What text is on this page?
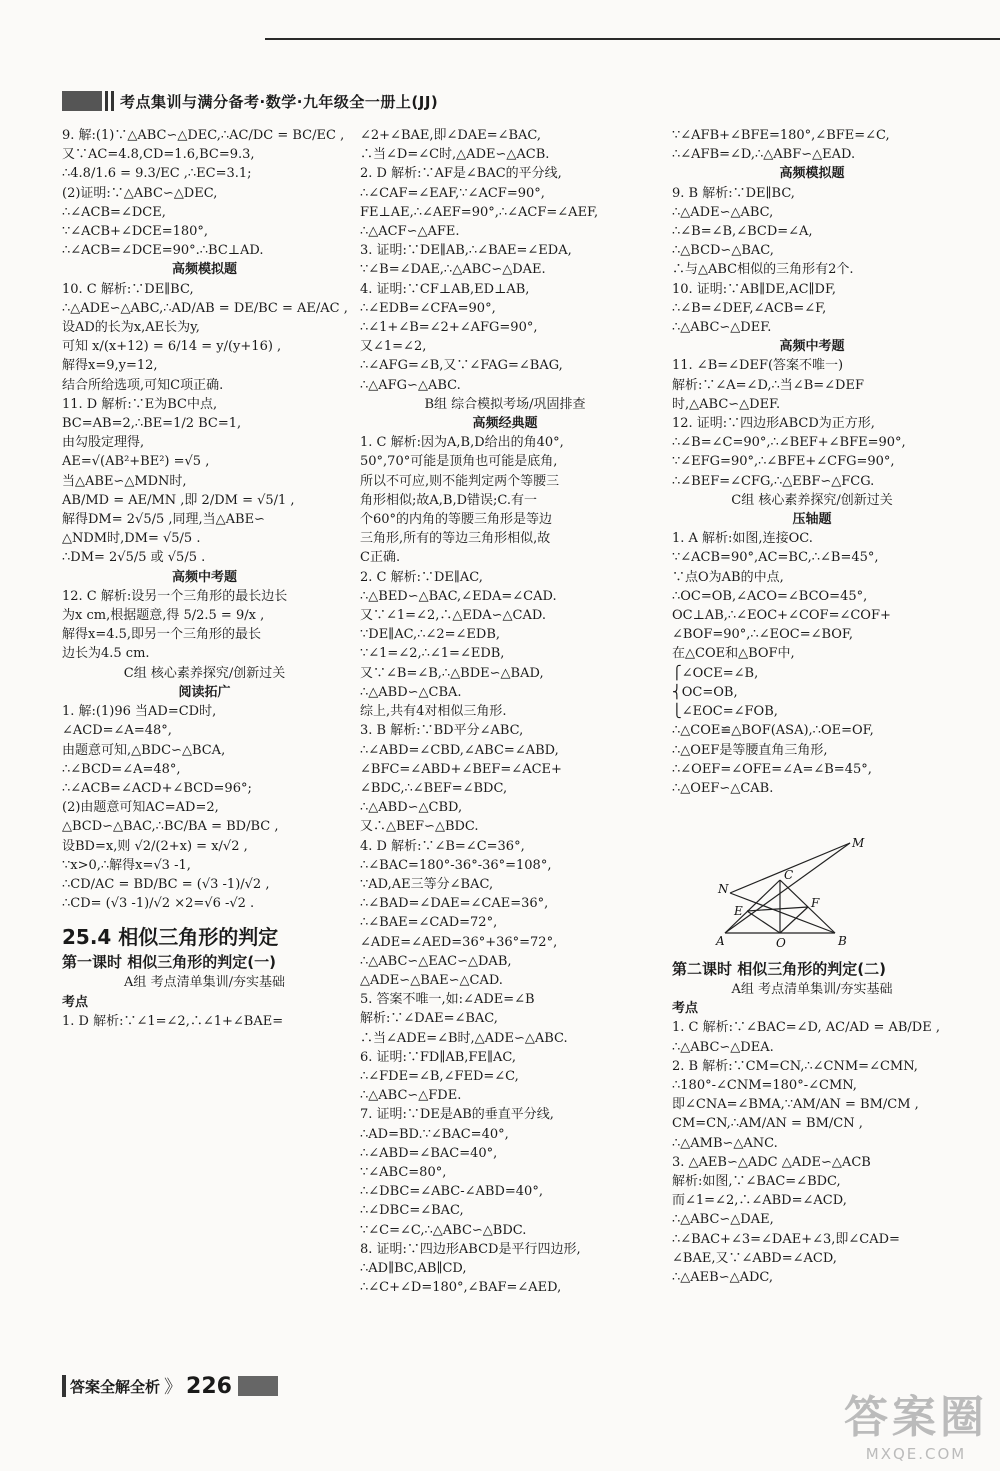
考点集训与满分备考·数学·九年级全一册上(JJ)

9. 解:(1)∵△ABC∽△DEC,∴AC/DC = BC/EC ,

又∵AC=4.8,CD=1.6,BC=9.3,

∴4.8/1.6 = 9.3/EC ,∴EC=3.1;

(2)证明:∵△ABC∽△DEC,

∴∠ACB=∠DCE,

∵∠ACB+∠DCE=180°,

∴∠ACB=∠DCE=90°.∴BC⊥AD.

高频模拟题

10. C 解析:∵DE∥BC,

∴△ADE∽△ABC,∴AD/AB = DE/BC = AE/AC ,

设AD的长为x,AE长为y,

可知 x/(x+12) = 6/14 = y/(y+16) ,

解得x=9,y=12,

结合所给选项,可知C项正确.

11. D 解析:∵E为BC中点,

BC=AB=2,∴BE=1/2 BC=1,

由勾股定理得,

AE=√(AB²+BE²) =√5 ,

当△ABE∽△MDN时,

AB/MD = AE/MN ,即 2/DM = √5/1 ,

解得DM= 2√5/5 ,同理,当△ABE∽

△NDM时,DM= √5/5 .

∴DM= 2√5/5 或 √5/5 .

高频中考题

12. C 解析:设另一个三角形的最长边长

为x cm,根据题意,得 5/2.5 = 9/x ,

解得x=4.5,即另一个三角形的最长

边长为4.5 cm.

C组 核心素养探究/创新过关

阅读拓广

1. 解:(1)96 当AD=CD时,

∠ACD=∠A=48°,

由题意可知,△BDC∽△BCA,

∴∠BCD=∠A=48°,

∴∠ACB=∠ACD+∠BCD=96°;

(2)由题意可知AC=AD=2,

△BCD∽△BAC,∴BC/BA = BD/BC ,

设BD=x,则 √2/(2+x) = x/√2 ,

∵x>0,∴解得x=√3 -1,

∴CD/AC = BD/BC = (√3 -1)/√2 ,

∴CD= (√3 -1)/√2 ×2=√6 -√2 .

25.4 相似三角形的判定

第一课时 相似三角形的判定(一)

A组 考点清单集训/夯实基础

考点

1. D 解析:∵∠1=∠2,∴∠1+∠BAE=

∠2+∠BAE,即∠DAE=∠BAC,

∴当∠D=∠C时,△ADE∽△ACB.

2. D 解析:∵AF是∠BAC的平分线,

∴∠CAF=∠EAF,∵∠ACF=90°,

FE⊥AE,∴∠AEF=90°,∴∠ACF=∠AEF,

∴△ACF∽△AFE.

3. 证明:∵DE∥AB,∴∠BAE=∠EDA,

∵∠B=∠DAE,∴△ABC∽△DAE.

4. 证明:∵CF⊥AB,ED⊥AB,

∴∠EDB=∠CFA=90°,

∴∠1+∠B=∠2+∠AFG=90°,

又∠1=∠2,

∴∠AFG=∠B,又∵∠FAG=∠BAG,

∴△AFG∽△ABC.

B组 综合模拟考场/巩固排查

高频经典题

1. C 解析:因为A,B,D给出的角40°,

50°,70°可能是顶角也可能是底角,

所以不可应,则不能判定两个等腰三

角形相似;故A,B,D错误;C.有一

个60°的内角的等腰三角形是等边

三角形,所有的等边三角形相似,故

C正确.

2. C 解析:∵DE∥AC,

∴△BED∽△BAC,∠EDA=∠CAD.

又∵∠1=∠2,∴△EDA∽△CAD.

∵DE∥AC,∴∠2=∠EDB,

∵∠1=∠2,∴∠1=∠EDB,

又∵∠B=∠B,∴△BDE∽△BAD,

∴△ABD∽△CBA.

综上,共有4对相似三角形.

3. B 解析:∵BD平分∠ABC,

∴∠ABD=∠CBD,∠ABC=∠ABD,

∠BFC=∠ABD+∠BEF=∠ACE+

∠BDC,∴∠BEF=∠BDC,

∴△ABD∽△CBD,

又∴△BEF∽△BDC.

4. D 解析:∵∠B=∠C=36°,

∴∠BAC=180°-36°-36°=108°,

∵AD,AE三等分∠BAC,

∴∠BAD=∠DAE=∠CAE=36°,

∴∠BAE=∠CAD=72°,

∠ADE=∠AED=36°+36°=72°,

∴△ABC∽△EAC∽△DAB,

△ADE∽△BAE∽△CAD.

5. 答案不唯一,如:∠ADE=∠B

解析:∵∠DAE=∠BAC,

∴当∠ADE=∠B时,△ADE∽△ABC.

6. 证明:∵FD∥AB,FE∥AC,

∴∠FDE=∠B,∠FED=∠C,

∴△ABC∽△FDE.

7. 证明:∵DE是AB的垂直平分线,

∴AD=BD.∵∠BAC=40°,

∴∠ABD=∠BAC=40°,

∵∠ABC=80°,

∴∠DBC=∠ABC-∠ABD=40°,

∴∠DBC=∠BAC,

∵∠C=∠C,∴△ABC∽△BDC.

8. 证明:∵四边形ABCD是平行四边形,

∴AD∥BC,AB∥CD,

∴∠C+∠D=180°,∠BAF=∠AED,

∵∠AFB+∠BFE=180°,∠BFE=∠C,

∴∠AFB=∠D,∴△ABF∽△EAD.

高频模拟题

9. B 解析:∵DE∥BC,

∴△ADE∽△ABC,

∴∠B=∠B,∠BCD=∠A,

∴△BCD∽△BAC,

∴与△ABC相似的三角形有2个.

10. 证明:∵AB∥DE,AC∥DF,

∴∠B=∠DEF,∠ACB=∠F,

∴△ABC∽△DEF.

高频中考题

11. ∠B=∠DEF(答案不唯一)

解析:∵∠A=∠D,∴当∠B=∠DEF

时,△ABC∽△DEF.

12. 证明:∵四边形ABCD为正方形,

∴∠B=∠C=90°,∴∠BEF+∠BFE=90°,

∵∠EFG=90°,∴∠BFE+∠CFG=90°,

∴∠BEF=∠CFG,∴△EBF∽△FCG.

C组 核心素养探究/创新过关

压轴题

1. A 解析:如图,连接OC.

∵∠ACB=90°,AC=BC,∴∠B=45°,

∵点O为AB的中点,

∴OC=OB,∠ACO=∠BCO=45°,

OC⊥AB,∴∠EOC+∠COF=∠COF+

∠BOF=90°,∴∠EOC=∠BOF,

在△COE和△BOF中,

⎧∠OCE=∠B,

⎨OC=OB,

⎩∠EOC=∠FOB,

∴△COE≌△BOF(ASA),∴OE=OF,

∴△OEF是等腰直角三角形,

∴∠OEF=∠OFE=∠A=∠B=45°,

∴△OEF∽△CAB.

M
N
C
E
F
A	O	B

第二课时 相似三角形的判定(二)

A组 考点清单集训/夯实基础

考点

1. C 解析:∵∠BAC=∠D, AC/AD = AB/DE ,

∴△ABC∽△DEA.

2. B 解析:∵CM=CN,∴∠CNM=∠CMN,

∴180°-∠CNM=180°-∠CMN,

即∠CNA=∠BMA,∵AM/AN = BM/CM ,

CM=CN,∴AM/AN = BM/CN ,

∴△AMB∽△ANC.

3. △AEB∽△ADC △ADE∽△ACB

解析:如图,∵∠BAC=∠BDC,

而∠1=∠2,∴∠ABD=∠ACD,

∴△ABC∽△DAE,

∴∠BAC+∠3=∠DAE+∠3,即∠CAD=

∠BAE,又∵∠ABD=∠ACD,

∴△AEB∽△ADC,

答案全解全析 》 226
答案圈
MXQE.COM
